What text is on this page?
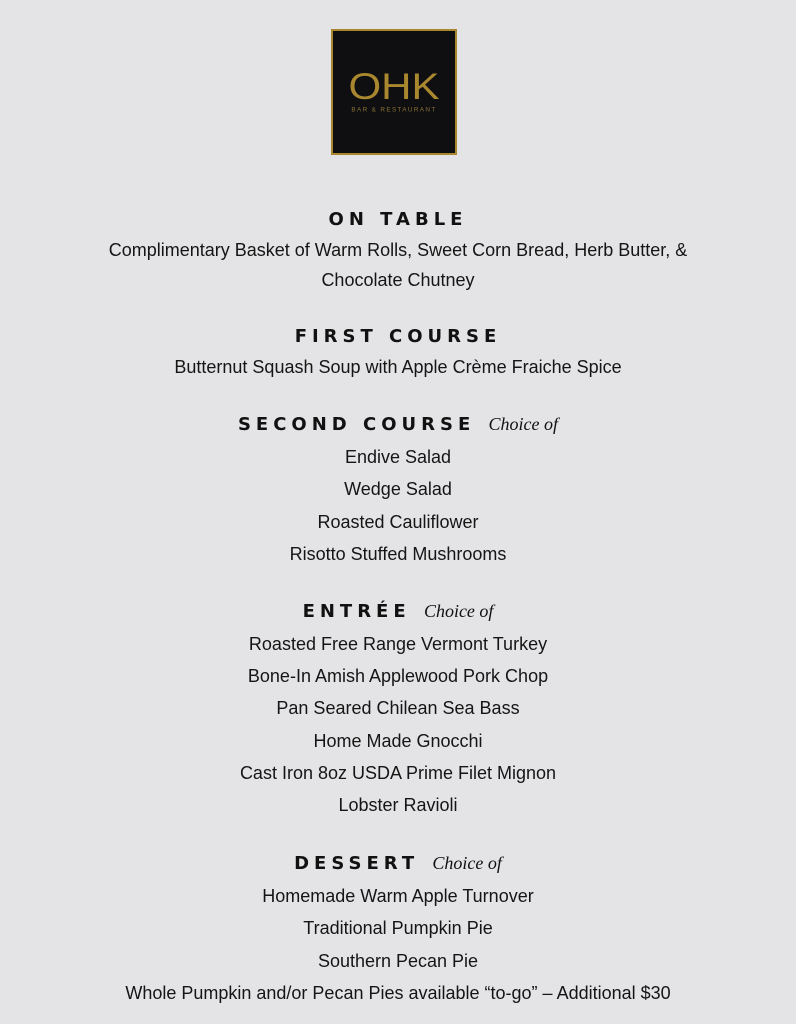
OHK
BAR & RESTAURANT
ON TABLE
Complimentary Basket of Warm Rolls, Sweet Corn Bread, Herb Butter, &
Chocolate Chutney
FIRST COURSE
Butternut Squash Soup with Apple Crème Fraiche Spice
SECOND COURSE Choice of
Endive Salad
Wedge Salad
Roasted Cauliflower
Risotto Stuffed Mushrooms
ENTRÉE Choice of
Roasted Free Range Vermont Turkey
Bone-In Amish Applewood Pork Chop
Pan Seared Chilean Sea Bass
Home Made Gnocchi
Cast Iron 8oz USDA Prime Filet Mignon
Lobster Ravioli
DESSERT Choice of
Homemade Warm Apple Turnover
Traditional Pumpkin Pie
Southern Pecan Pie
Whole Pumpkin and/or Pecan Pies available “to-go” – Additional $30
